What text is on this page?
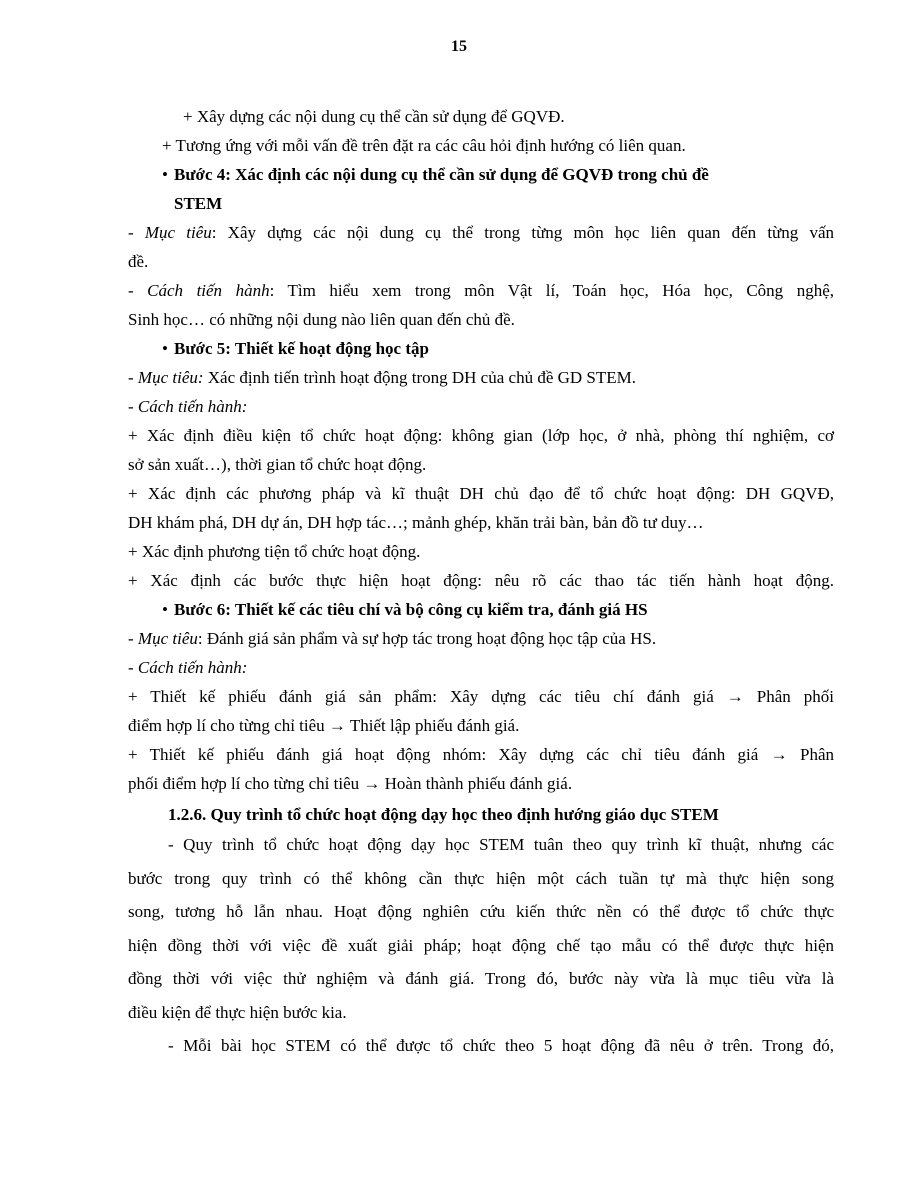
15

+ Xây dựng các nội dung cụ thể cần sử dụng để GQVĐ.

+ Tương ứng với mỗi vấn đề trên đặt ra các câu hỏi định hướng có liên quan.

• Bước 4: Xác định các nội dung cụ thể cần sử dụng để GQVĐ trong chủ đề
STEM

- Mục tiêu: Xây dựng các nội dung cụ thể trong từng môn học liên quan đến từng vấn
đề.

- Cách tiến hành: Tìm hiểu xem trong môn Vật lí, Toán học, Hóa học, Công nghệ,
Sinh học… có những nội dung nào liên quan đến chủ đề.

• Bước 5: Thiết kế hoạt động học tập

- Mục tiêu: Xác định tiến trình hoạt động trong DH của chủ đề GD STEM.

- Cách tiến hành:

+ Xác định điều kiện tổ chức hoạt động: không gian (lớp học, ở nhà, phòng thí nghiệm, cơ
sở sản xuất…), thời gian tổ chức hoạt động.

+ Xác định các phương pháp và kĩ thuật DH chủ đạo để tổ chức hoạt động: DH GQVĐ,
DH khám phá, DH dự án, DH hợp tác…; mảnh ghép, khăn trải bàn, bản đồ tư duy…

+ Xác định phương tiện tổ chức hoạt động.

+ Xác định các bước thực hiện hoạt động: nêu rõ các thao tác tiến hành hoạt động.

• Bước 6: Thiết kế các tiêu chí và bộ công cụ kiểm tra, đánh giá HS

- Mục tiêu: Đánh giá sản phẩm và sự hợp tác trong hoạt động học tập của HS.

- Cách tiến hành:

+ Thiết kế phiếu đánh giá sản phẩm: Xây dựng các tiêu chí đánh giá → Phân phối
điểm hợp lí cho từng chỉ tiêu → Thiết lập phiếu đánh giá.

+ Thiết kế phiếu đánh giá hoạt động nhóm: Xây dựng các chỉ tiêu đánh giá → Phân
phối điểm hợp lí cho từng chỉ tiêu → Hoàn thành phiếu đánh giá.

1.2.6. Quy trình tổ chức hoạt động dạy học theo định hướng giáo dục STEM

- Quy trình tổ chức hoạt động dạy học STEM tuân theo quy trình kĩ thuật, nhưng các
bước trong quy trình có thể không cần thực hiện một cách tuần tự mà thực hiện song
song, tương hỗ lẫn nhau. Hoạt động nghiên cứu kiến thức nền có thể được tổ chức thực
hiện đồng thời với việc đề xuất giải pháp; hoạt động chế tạo mẫu có thể được thực hiện
đồng thời với việc thử nghiệm và đánh giá. Trong đó, bước này vừa là mục tiêu vừa là
điều kiện để thực hiện bước kia.
- Mỗi bài học STEM có thể được tổ chức theo 5 hoạt động đã nêu ở trên. Trong đó,
